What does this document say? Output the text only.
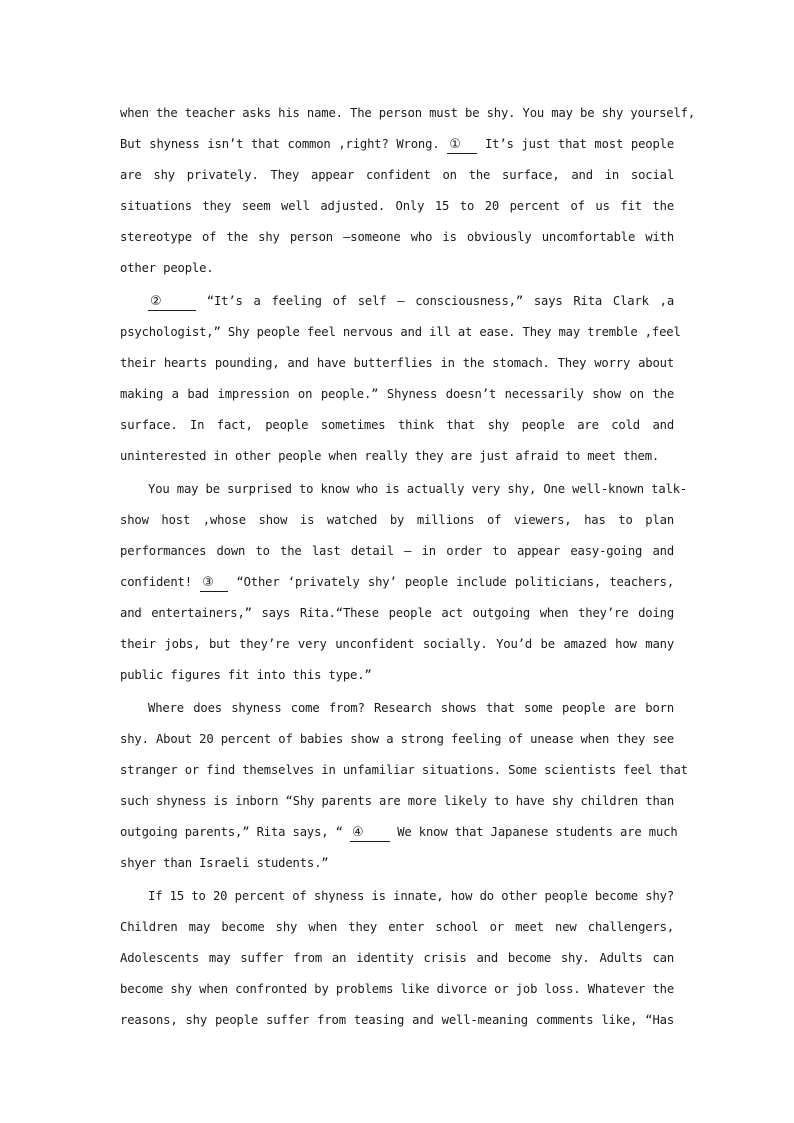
when the teacher asks his name. The person must be shy. You may be shy yourself,
But shyness isn’t that common ,right? Wrong. ① It’s just that most people
are shy privately. They appear confident on the surface, and in social
situations they seem well adjusted. Only 15 to 20 percent of us fit the
stereotype of the shy person —someone who is obviously uncomfortable with
other people.
②	“It’s a feeling of self – consciousness,” says Rita Clark ,a
psychologist,” Shy people feel nervous and ill at ease. They may tremble ,feel
their hearts pounding, and have butterflies in the stomach. They worry about
making a bad impression on people.” Shyness doesn’t necessarily show on the
surface. In fact, people sometimes think that shy people are cold and
uninterested in other people when really they are just afraid to meet them.
You may be surprised to know who is actually very shy, One well-known talk-
show host ,whose show is watched by millions of viewers, has to plan
performances down to the last detail — in order to appear easy-going and
confident! ③ “Other ‘privately shy’ people include politicians, teachers,
and entertainers,” says Rita.“These people act outgoing when they’re doing
their jobs, but they’re very unconfident socially. You’d be amazed how many
public figures fit into this type.”
Where does shyness come from? Research shows that some people are born
shy. About 20 percent of babies show a strong feeling of unease when they see
stranger or find themselves in unfamiliar situations. Some scientists feel that
such shyness is inborn “Shy parents are more likely to have shy children than
outgoing parents,” Rita says, “ ④ We know that Japanese students are much
shyer than Israeli students.”
If 15 to 20 percent of shyness is innate, how do other people become shy?
Children may become shy when they enter school or meet new challengers,
Adolescents may suffer from an identity crisis and become shy. Adults can
become shy when confronted by problems like divorce or job loss. Whatever the
reasons, shy people suffer from teasing and well-meaning comments like, “Has
